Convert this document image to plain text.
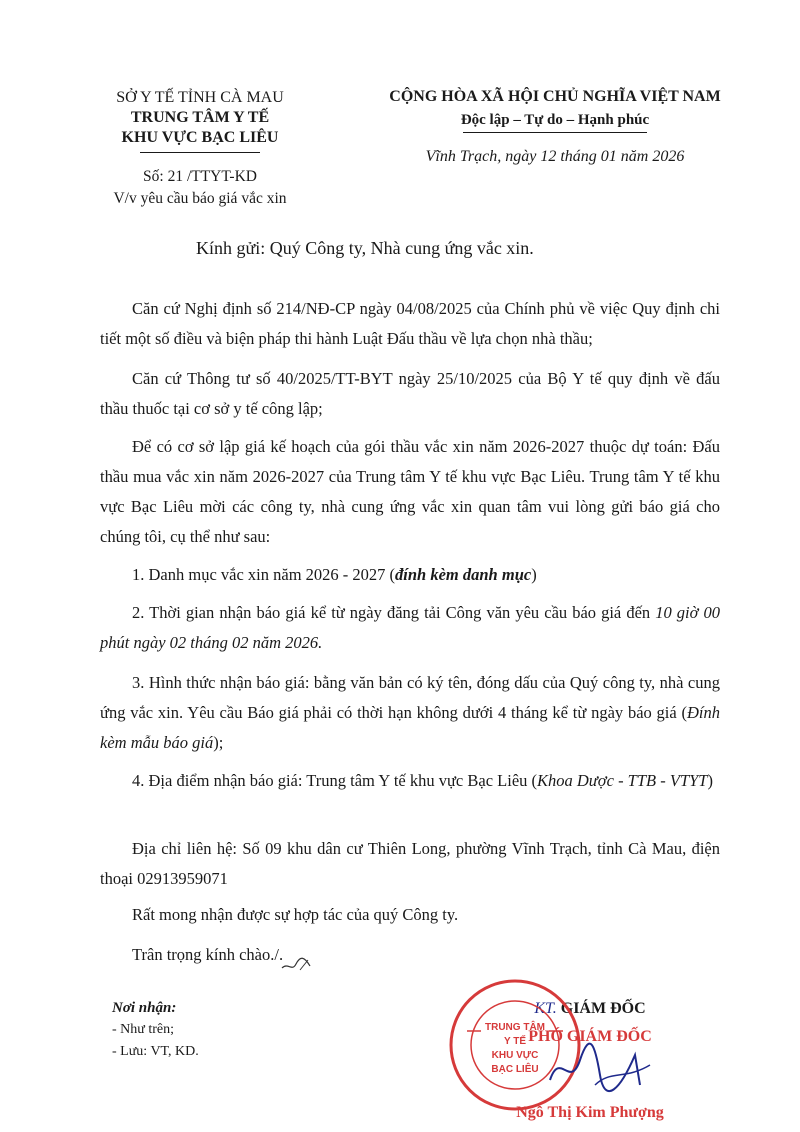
SỞ Y TẾ TỈNH CÀ MAU
TRUNG TÂM Y TẾ
KHU VỰC BẠC LIÊU
Số: 21 /TTYT-KD
V/v yêu cầu báo giá vắc xin
CỘNG HÒA XÃ HỘI CHỦ NGHĨA VIỆT NAM
Độc lập – Tự do – Hạnh phúc
Vĩnh Trạch, ngày 12 tháng 01 năm 2026
Kính gửi: Quý Công ty, Nhà cung ứng vắc xin.
Căn cứ Nghị định số 214/NĐ-CP ngày 04/08/2025 của Chính phủ về việc Quy định chi tiết một số điều và biện pháp thi hành Luật Đấu thầu về lựa chọn nhà thầu;
Căn cứ Thông tư số 40/2025/TT-BYT ngày 25/10/2025 của Bộ Y tế quy định về đấu thầu thuốc tại cơ sở y tế công lập;
Để có cơ sở lập giá kế hoạch của gói thầu vắc xin năm 2026-2027 thuộc dự toán: Đấu thầu mua vắc xin năm 2026-2027 của Trung tâm Y tế khu vực Bạc Liêu. Trung tâm Y tế khu vực Bạc Liêu mời các công ty, nhà cung ứng vắc xin quan tâm vui lòng gửi báo giá cho chúng tôi, cụ thể như sau:
1. Danh mục vắc xin năm 2026 - 2027 (đính kèm danh mục)
2. Thời gian nhận báo giá kể từ ngày đăng tải Công văn yêu cầu báo giá đến 10 giờ 00 phút ngày 02 tháng 02 năm 2026.
3. Hình thức nhận báo giá: bằng văn bản có ký tên, đóng dấu của Quý công ty, nhà cung ứng vắc xin. Yêu cầu Báo giá phải có thời hạn không dưới 4 tháng kể từ ngày báo giá (Đính kèm mẫu báo giá);
4. Địa điểm nhận báo giá: Trung tâm Y tế khu vực Bạc Liêu (Khoa Dược - TTB - VTYT)
Địa chỉ liên hệ: Số 09 khu dân cư Thiên Long, phường Vĩnh Trạch, tỉnh Cà Mau, điện thoại 02913959071
Rất mong nhận được sự hợp tác của quý Công ty.
Trân trọng kính chào./.
Nơi nhận:
- Như trên;
- Lưu: VT, KD.
KT. GIÁM ĐỐC
PHÓ GIÁM ĐỐC
TRUNG TÂM
Y TẾ
KHU VỰC
BẠC LIÊU
Ngô Thị Kim Phượng
